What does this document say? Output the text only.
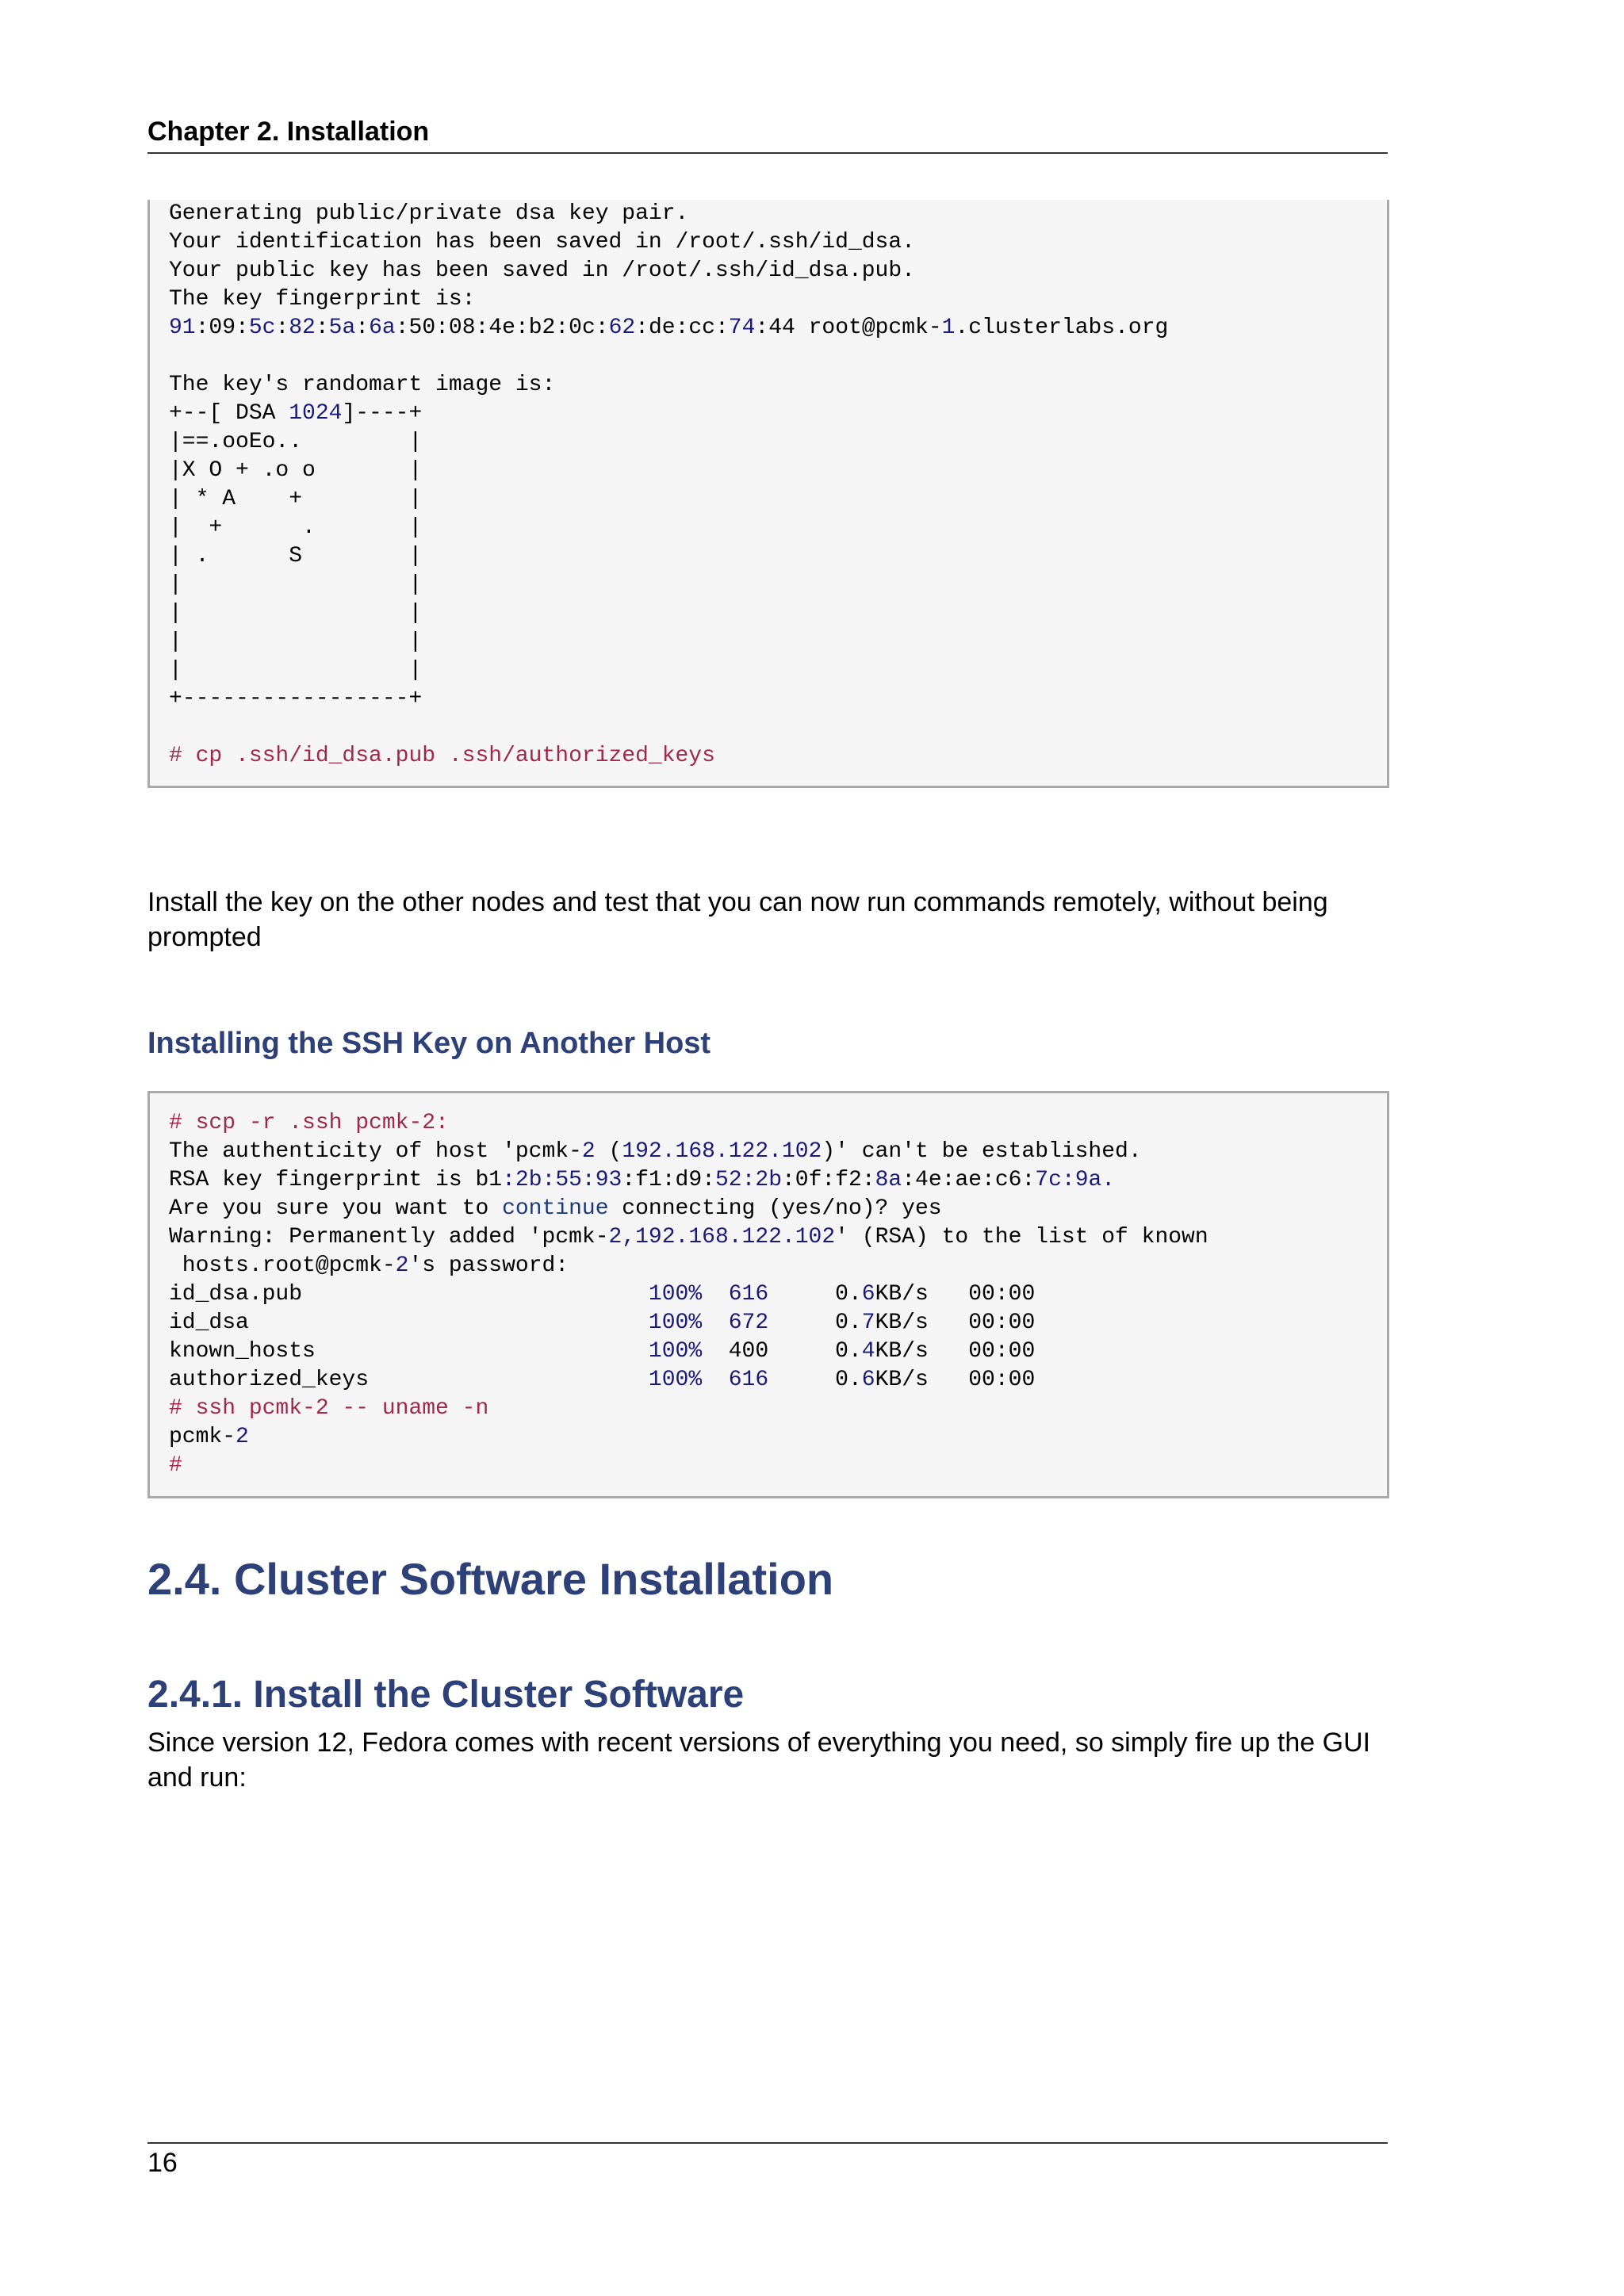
Chapter 2. Installation
Generating public/private dsa key pair.
Your identification has been saved in /root/.ssh/id_dsa.
Your public key has been saved in /root/.ssh/id_dsa.pub.
The key fingerprint is:
91:09:5c:82:5a:6a:50:08:4e:b2:0c:62:de:cc:74:44 root@pcmk-1.clusterlabs.org
The key's randomart image is:
+--[ DSA 1024]----+
|==.ooEo..        |
|X O + .o o       |
| * A    +        |
|  +      .       |
| .      S        |
|                 |
|                 |
|                 |
|                 |
+-----------------+
# cp .ssh/id_dsa.pub .ssh/authorized_keys

Install the key on the other nodes and test that you can now run commands remotely, without being prompted

Installing the SSH Key on Another Host
# scp -r .ssh pcmk-2:
The authenticity of host 'pcmk-2 (192.168.122.102)' can't be established.
RSA key fingerprint is b1:2b:55:93:f1:d9:52:2b:0f:f2:8a:4e:ae:c6:7c:9a.
Are you sure you want to continue connecting (yes/no)? yes
Warning: Permanently added 'pcmk-2,192.168.122.102' (RSA) to the list of known
hosts.root@pcmk-2's password:
id_dsa.pub                          100% 616	0.6KB/s 00:00
id_dsa                              100% 672	0.7KB/s 00:00
known_hosts                         100% 400	0.4KB/s 00:00
authorized_keys                     100% 616	0.6KB/s 00:00
# ssh pcmk-2 -- uname -n
pcmk-2
#
2.4. Cluster Software Installation
2.4.1. Install the Cluster Software

Since version 12, Fedora comes with recent versions of everything you need, so simply fire up the GUI and run:

16
